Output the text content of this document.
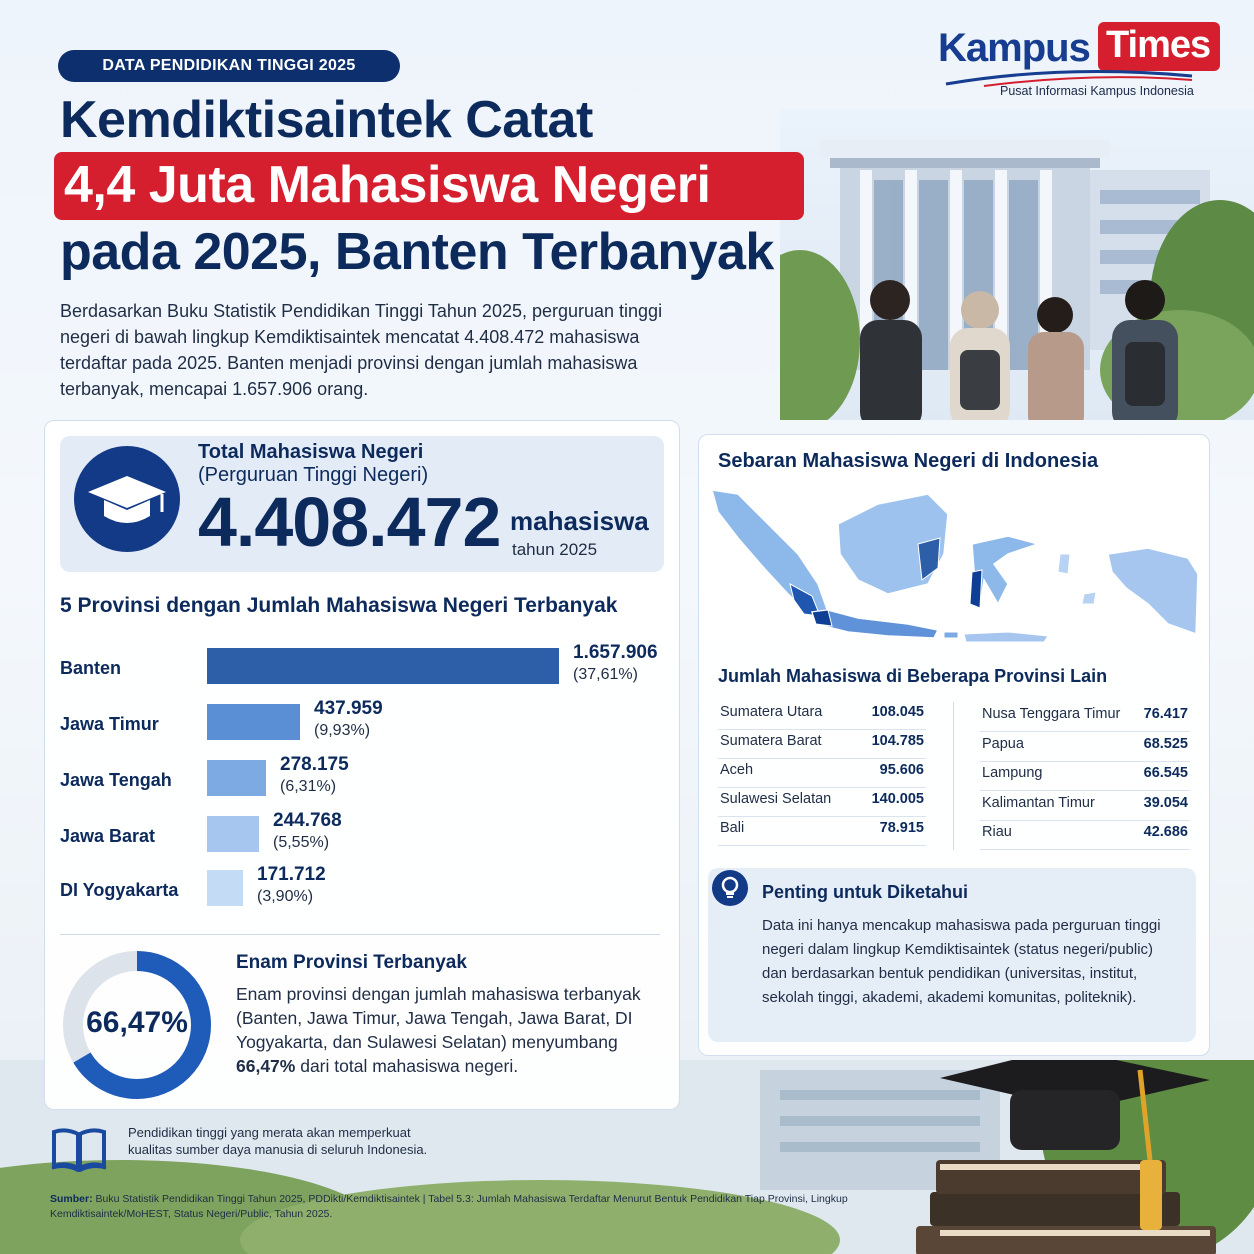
DATA PENDIDIKAN TINGGI 2025	Kampus Times
Pusat Informasi Kampus Indonesia
Kemdiktisaintek Catat
4,4 Juta Mahasiswa Negeri
pada 2025, Banten Terbanyak
Berdasarkan Buku Statistik Pendidikan Tinggi Tahun 2025, perguruan tinggi negeri di bawah lingkup Kemdiktisaintek mencatat 4.408.472 mahasiswa terdaftar pada 2025. Banten menjadi provinsi dengan jumlah mahasiswa terbanyak, mencapai 1.657.906 orang.
Total Mahasiswa Negeri
(Perguruan Tinggi Negeri)
4.408.472 mahasiswa
tahun 2025
5 Provinsi dengan Jumlah Mahasiswa Negeri Terbanyak
Banten
1.657.906
(37,61%)
Jawa Timur
437.959
(9,93%)
Jawa Tengah
278.175
(6,31%)
Jawa Barat
244.768
(5,55%)
DI Yogyakarta
171.712
(3,90%)
66,47%
Enam Provinsi Terbanyak
Enam provinsi dengan jumlah mahasiswa terbanyak (Banten, Jawa Timur, Jawa Tengah, Jawa Barat, DI Yogyakarta, dan Sulawesi Selatan) menyumbang 66,47% dari total mahasiswa negeri.
Pendidikan tinggi yang merata akan memperkuat kualitas sumber daya manusia di seluruh Indonesia.
Sumber: Buku Statistik Pendidikan Tinggi Tahun 2025, PDDikti/Kemdiktisaintek | Tabel 5.3: Jumlah Mahasiswa Terdaftar Menurut Bentuk Pendidikan Tiap Provinsi, Lingkup Kemdiktisaintek/MoHEST, Status Negeri/Public, Tahun 2025.
Sebaran Mahasiswa Negeri di Indonesia
Jumlah Mahasiswa di Beberapa Provinsi Lain
Sumatera Utara	108.045
Sumatera Barat	104.785
Aceh	95.606
Sulawesi Selatan	140.005
Bali	78.915
Nusa Tenggara Timur 76.417
Papua	68.525
Lampung	66.545
Kalimantan Timur	39.054
Riau	42.686
Penting untuk Diketahui
Data ini hanya mencakup mahasiswa pada perguruan tinggi negeri dalam lingkup Kemdiktisaintek (status negeri/public) dan berdasarkan bentuk pendidikan (universitas, institut, sekolah tinggi, akademi, akademi komunitas, politeknik).
